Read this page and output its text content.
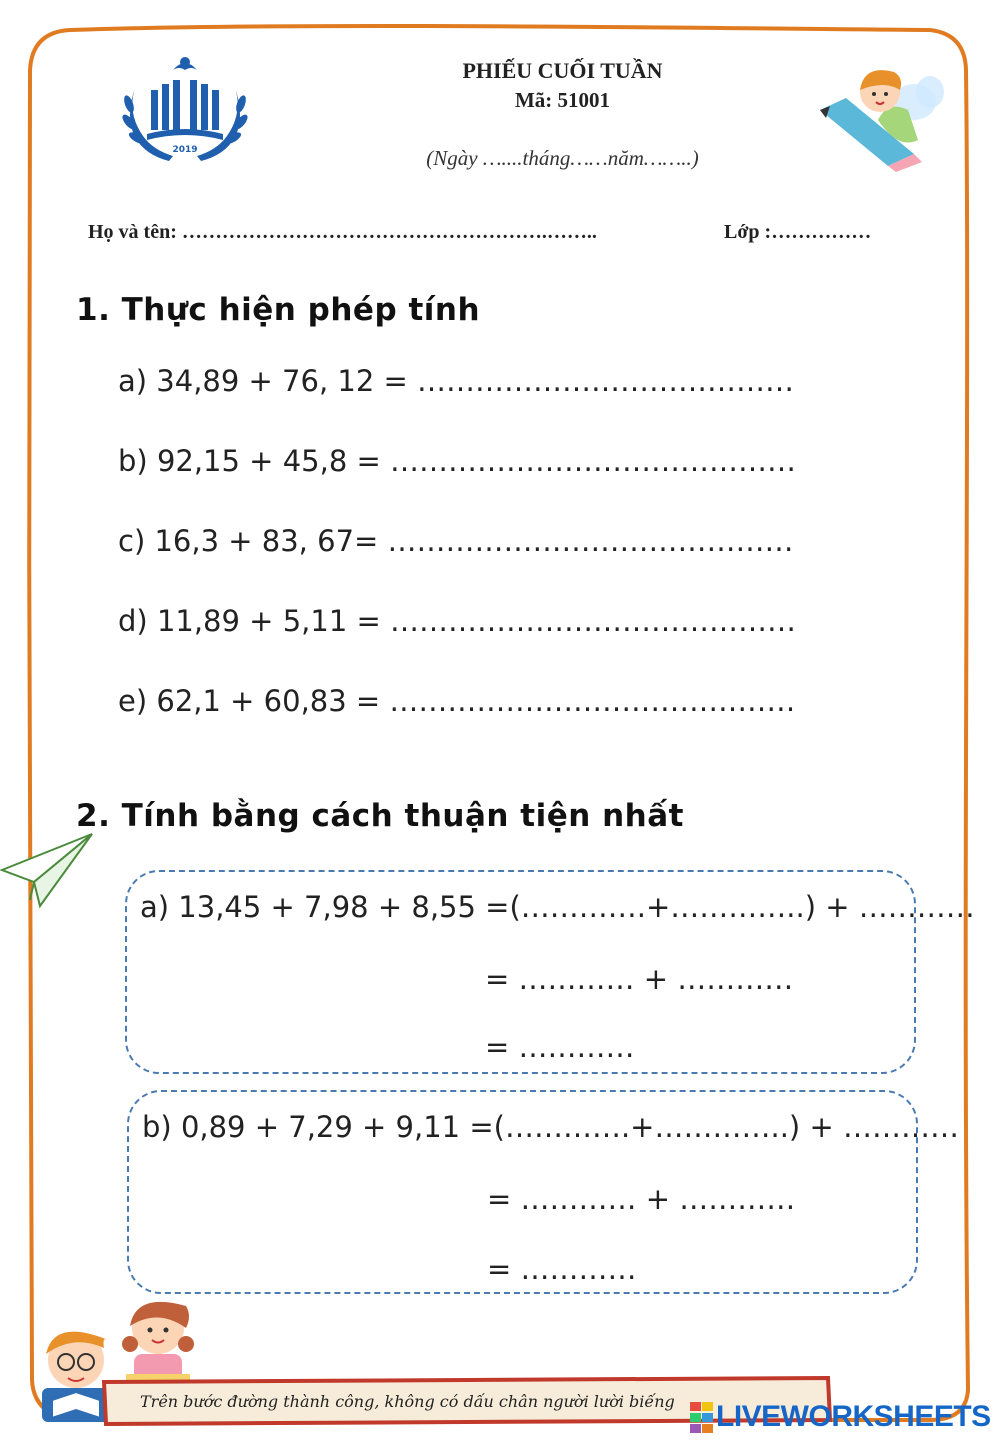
2019
PHIẾU CUỐI TUẦN
Mã: 51001
(Ngày …....tháng……năm……..)
Họ và tên: ……………………………………………….……..	Lớp :……………
1. Thực hiện phép tính
a) 34,89 + 76, 12 = …………………………………
b) 92,15 + 45,8 = ……………………………………
c) 16,3 + 83, 67= ……………………………………
d) 11,89 + 5,11 = ……………………………………
e) 62,1 + 60,83 = ……………………………………
2. Tính bằng cách thuận tiện nhất
a) 13,45 + 7,98 + 8,55 =(………….+…………..) + …………
= ………… + …………
= …………
b) 0,89 + 7,29 + 9,11 =(………….+…………..) + …………
= ………… + …………
= …………
Trên bước đường thành công, không có dấu chân người lười biếng LIVEWORKSHEETS
